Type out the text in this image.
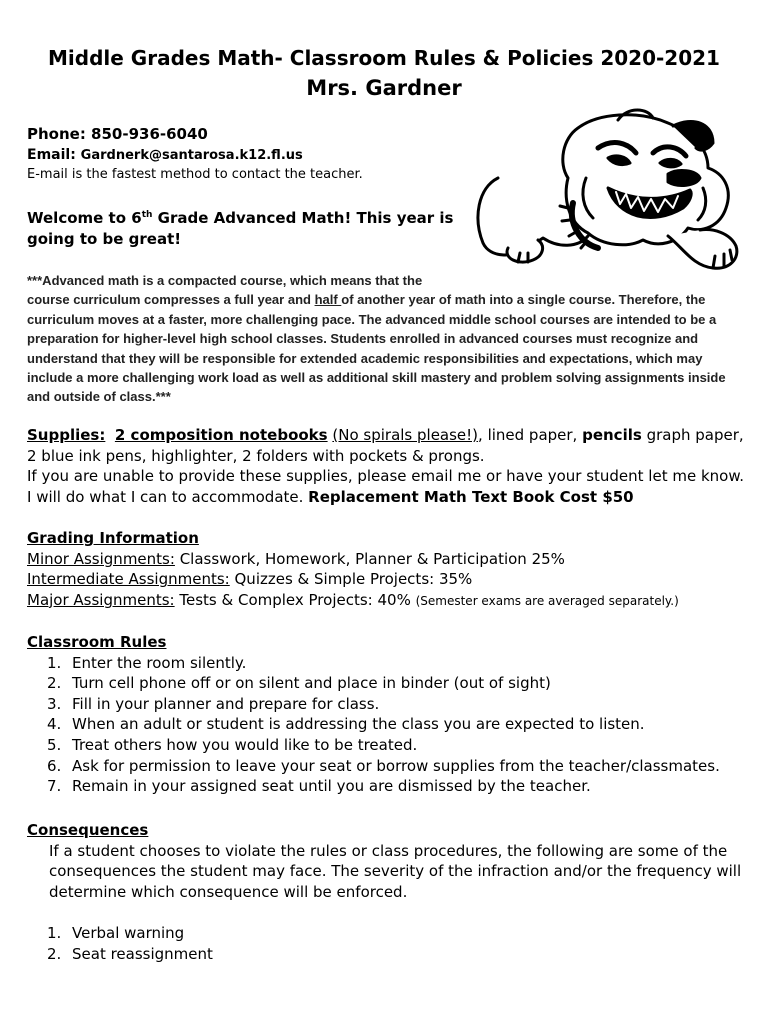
Middle Grades Math- Classroom Rules & Policies 2020-2021
Mrs. Gardner
Phone: 850-936-6040
Email: Gardnerk@santarosa.k12.fl.us
E-mail is the fastest method to contact the teacher.
Welcome to 6th Grade Advanced Math! This year is going to be great!
***Advanced math is a compacted course, which means that the
course curriculum compresses a full year and half of another year of math into a single course. Therefore, the curriculum moves at a faster, more challenging pace. The advanced middle school courses are intended to be a preparation for higher-level high school classes. Students enrolled in advanced courses must recognize and understand that they will be responsible for extended academic responsibilities and expectations, which may include a more challenging work load as well as additional skill mastery and problem solving assignments inside and outside of class.***
Supplies: 2 composition notebooks (No spirals please!), lined paper, pencils graph paper, 2 blue ink pens, highlighter, 2 folders with pockets & prongs.
If you are unable to provide these supplies, please email me or have your student let me know. I will do what I can to accommodate. Replacement Math Text Book Cost $50
Grading Information
Minor Assignments: Classwork, Homework, Planner & Participation 25%
Intermediate Assignments: Quizzes & Simple Projects: 35%
Major Assignments: Tests & Complex Projects: 40% (Semester exams are averaged separately.)
Classroom Rules
1. Enter the room silently.
2. Turn cell phone off or on silent and place in binder (out of sight)
3. Fill in your planner and prepare for class.
4. When an adult or student is addressing the class you are expected to listen.
5. Treat others how you would like to be treated.
6. Ask for permission to leave your seat or borrow supplies from the teacher/classmates.
7. Remain in your assigned seat until you are dismissed by the teacher.
Consequences
If a student chooses to violate the rules or class procedures, the following are some of the consequences the student may face. The severity of the infraction and/or the frequency will determine which consequence will be enforced.
1. Verbal warning
2. Seat reassignment
